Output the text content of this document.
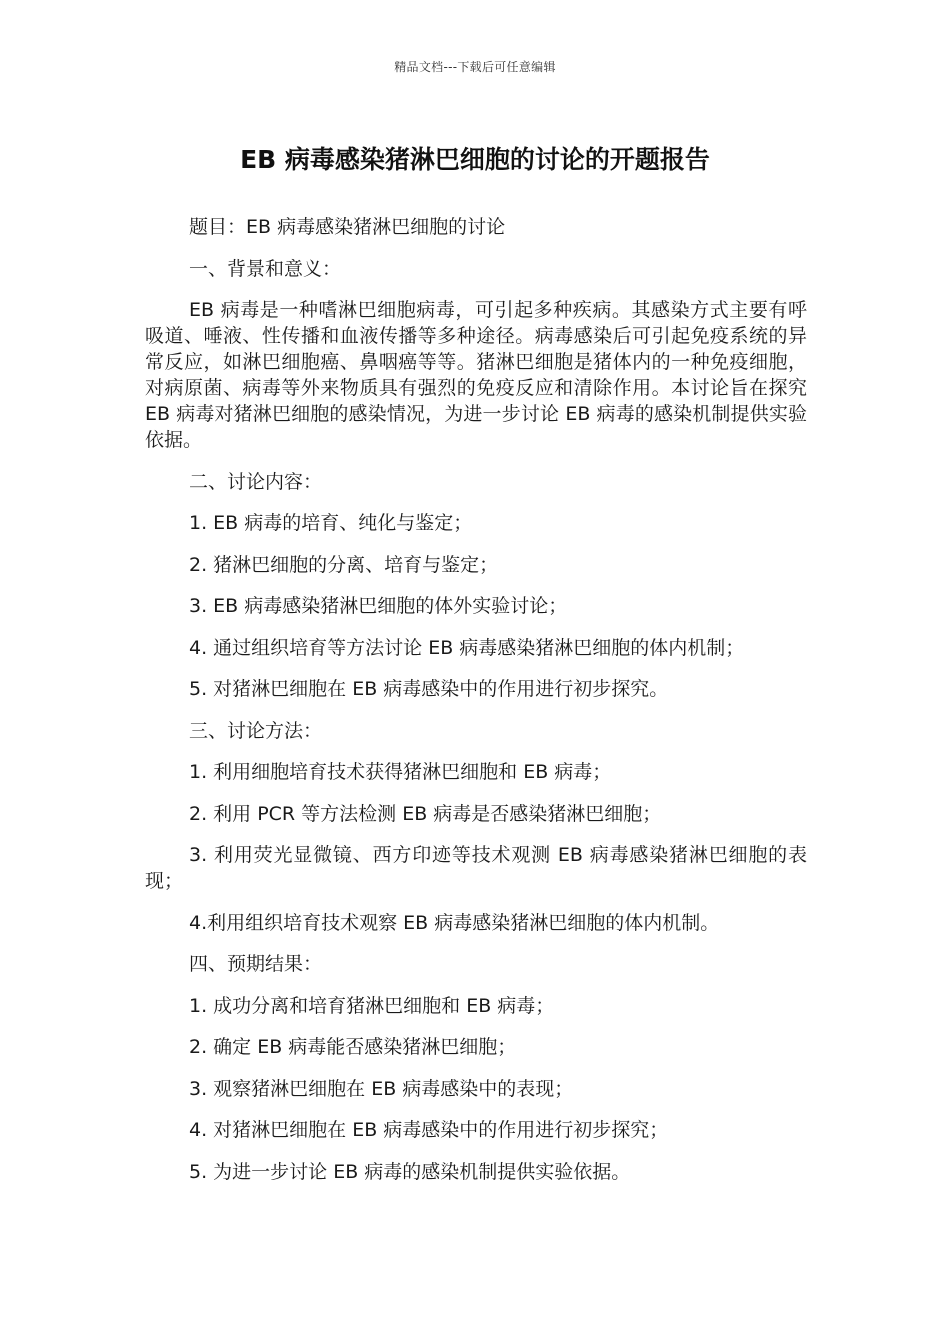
精品文档---下载后可任意编辑
EB 病毒感染猪淋巴细胞的讨论的开题报告

题目：EB 病毒感染猪淋巴细胞的讨论

一、背景和意义：

EB 病毒是一种嗜淋巴细胞病毒，可引起多种疾病。其感染方式主要有呼吸道、唾液、性传播和血液传播等多种途径。病毒感染后可引起免疫系统的异常反应，如淋巴细胞癌、鼻咽癌等等。猪淋巴细胞是猪体内的一种免疫细胞，对病原菌、病毒等外来物质具有强烈的免疫反应和清除作用。本讨论旨在探究 EB 病毒对猪淋巴细胞的感染情况，为进一步讨论 EB 病毒的感染机制提供实验依据。

二、讨论内容：

1. EB 病毒的培育、纯化与鉴定；

2. 猪淋巴细胞的分离、培育与鉴定；

3. EB 病毒感染猪淋巴细胞的体外实验讨论；

4. 通过组织培育等方法讨论 EB 病毒感染猪淋巴细胞的体内机制；

5. 对猪淋巴细胞在 EB 病毒感染中的作用进行初步探究。

三、讨论方法：

1. 利用细胞培育技术获得猪淋巴细胞和 EB 病毒；

2. 利用 PCR 等方法检测 EB 病毒是否感染猪淋巴细胞；

3. 利用荧光显微镜、西方印迹等技术观测 EB 病毒感染猪淋巴细胞的表现；

4.利用组织培育技术观察 EB 病毒感染猪淋巴细胞的体内机制。

四、预期结果：

1. 成功分离和培育猪淋巴细胞和 EB 病毒；

2. 确定 EB 病毒能否感染猪淋巴细胞；

3. 观察猪淋巴细胞在 EB 病毒感染中的表现；

4. 对猪淋巴细胞在 EB 病毒感染中的作用进行初步探究；

5. 为进一步讨论 EB 病毒的感染机制提供实验依据。
